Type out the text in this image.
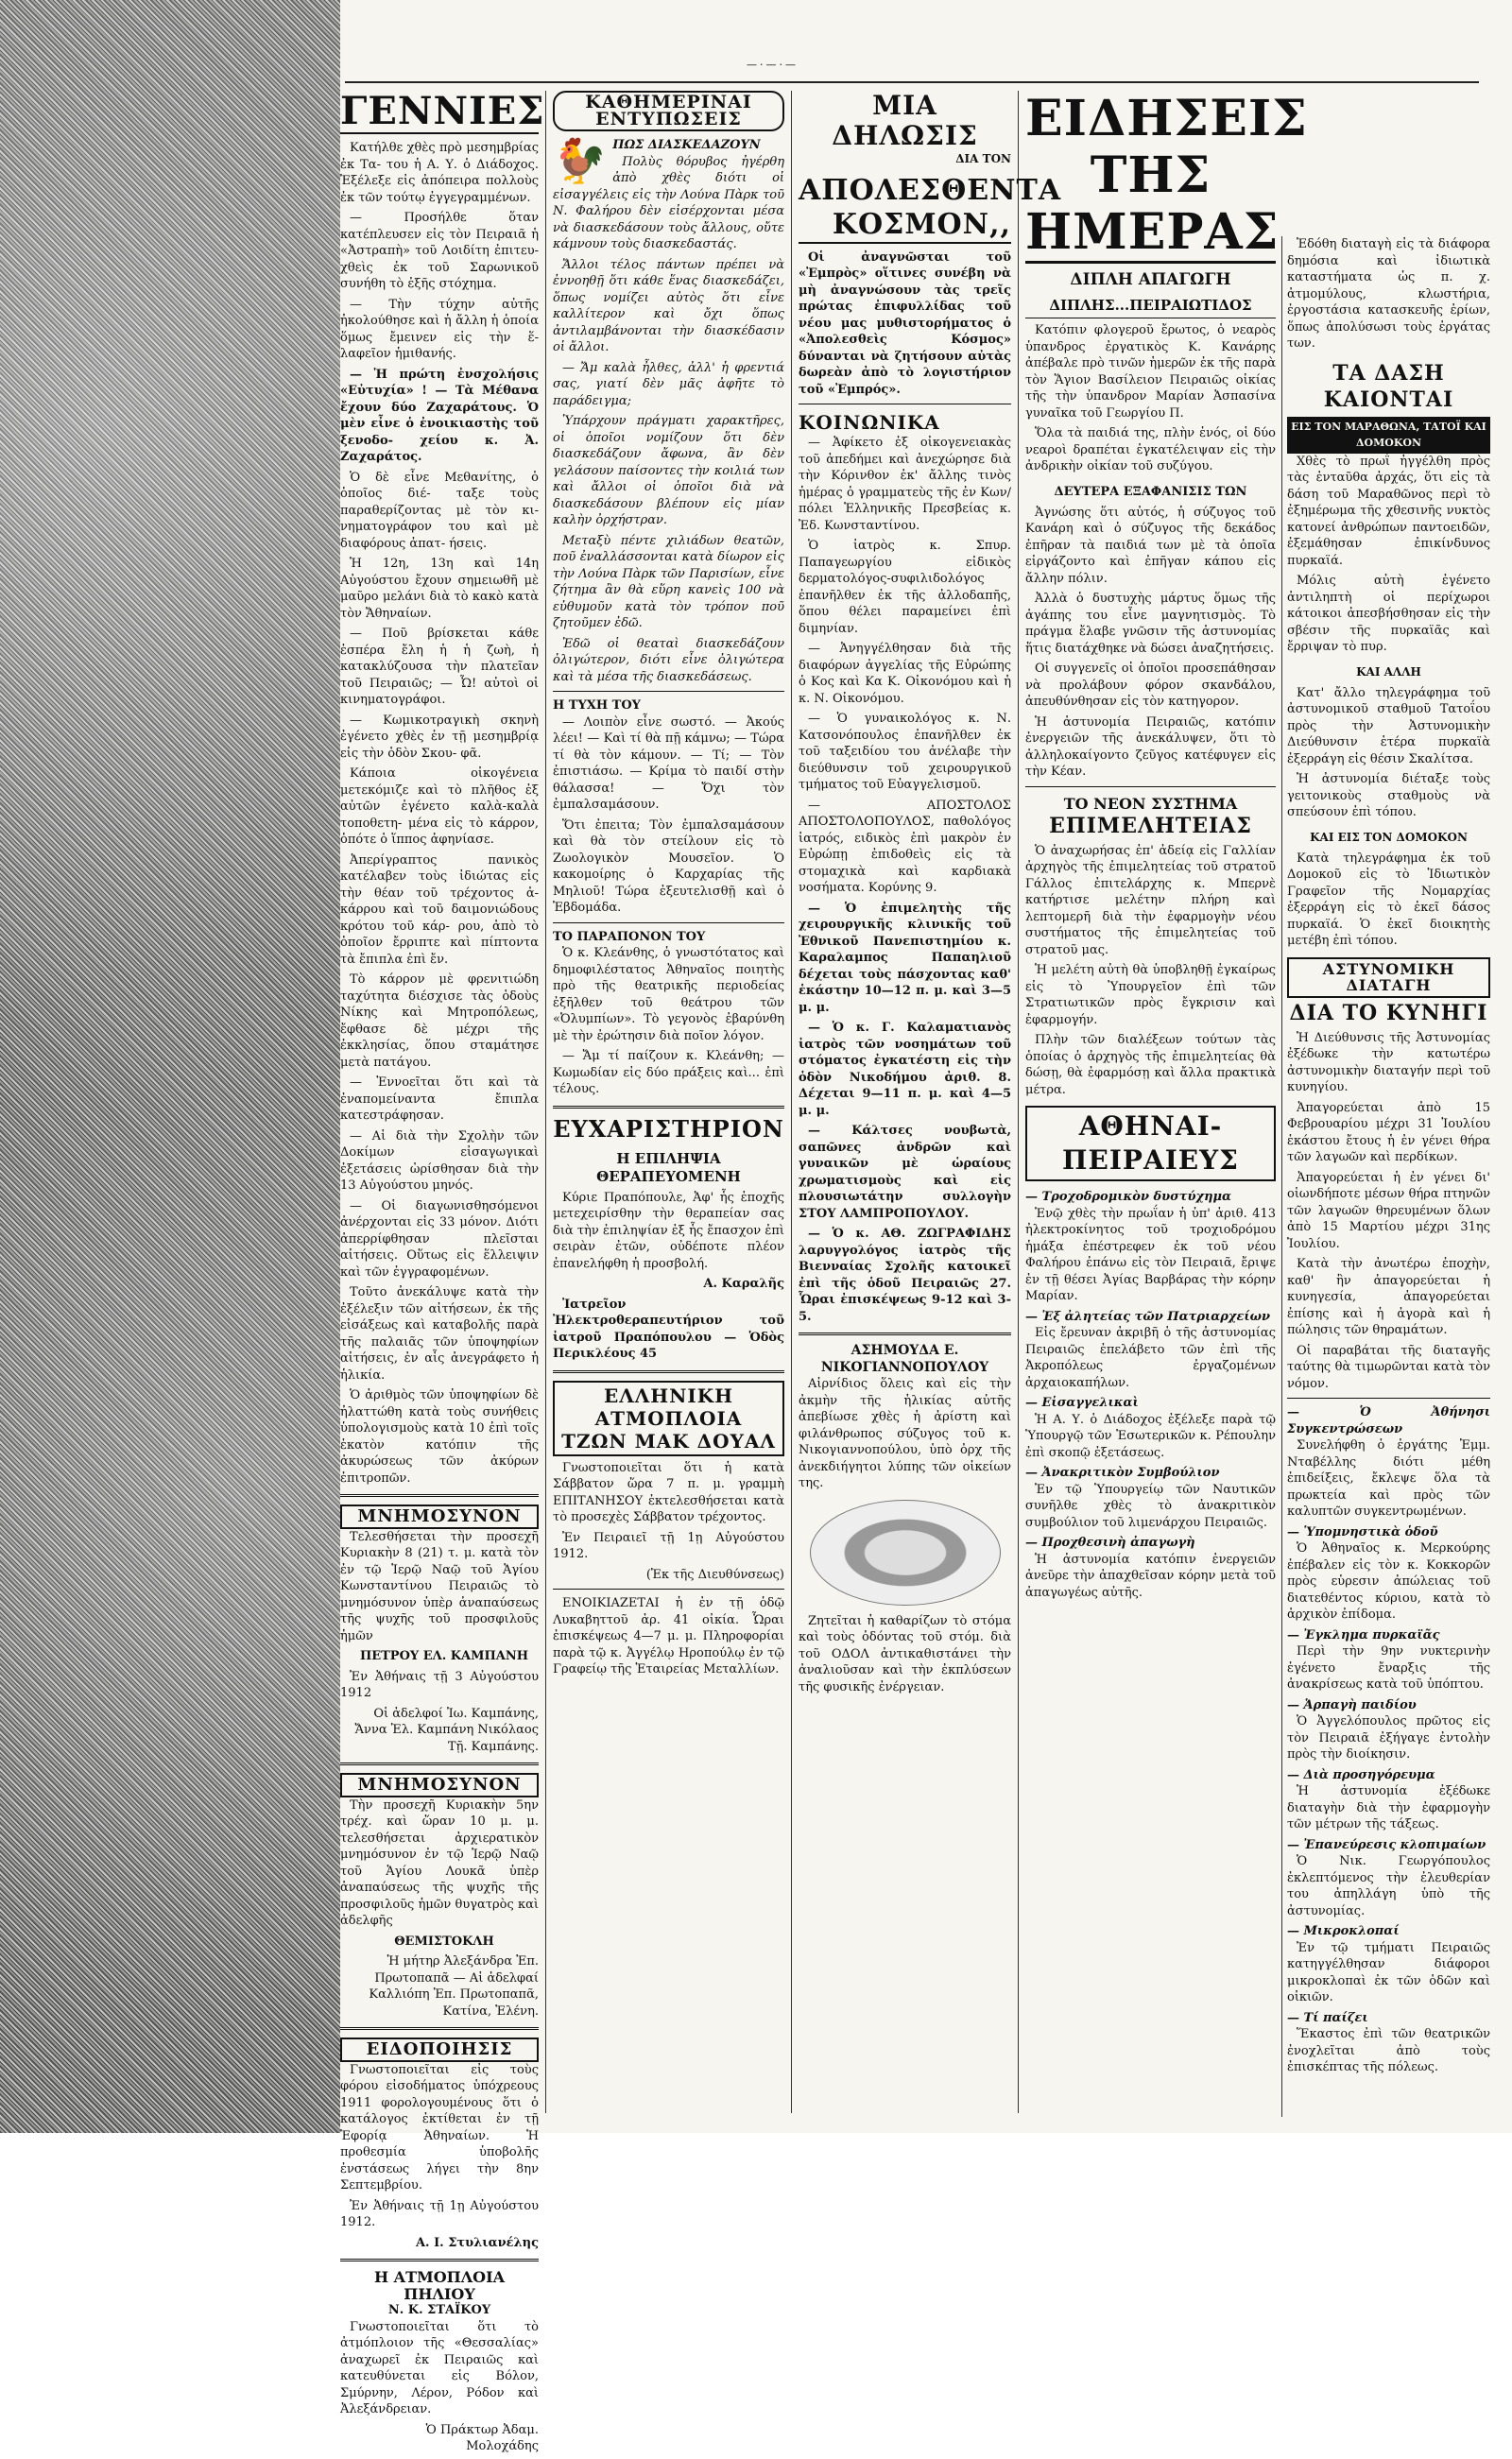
—·—·—
ΓΕΝΝΙΕΣ

Κατήλθε χθὲς πρὸ μεσημβρίας ἐκ Τα- του ἡ Α. Υ. ὁ Διάδοχος. Ἐξέλεξε εἰς ἀπόπειρα πολλοὺς ἐκ τῶν τούτῳ ἐγγεγραμμένων.

— Προσήλθε ὅταν κατέπλευσεν εἰς τὸν Πειραιᾶ ἡ «Ἀστραπὴ» τοῦ Λοιδίτη ἐπιτευ- χθεὶς ἐκ τοῦ Σαρωνικοῦ συνήθη τὸ ἐξῆς στόχημα.

— Τὴν τύχην αὐτῆς ἠκολούθησε καὶ ἡ ἄλλη ἡ ὁποία ὅμως ἔμεινεν εἰς τὴν ἕ- λαφεῖον ἡμιθανής.

— Ἡ πρώτη ἐνσχολήσις «Εὐτυχία» ! — Τὰ Μέθανα ἔχουν δύο Ζαχαράτους. Ὁ μὲν εἶνε ὁ ἐνοικιαστὴς τοῦ ξενοδο- χείου κ. Ἀ. Ζαχαράτος.

Ὁ δὲ εἶνε Μεθανίτης, ὁ ὁποῖος διέ- ταξε τοὺς παραθερίζοντας μὲ τὸν κι- νηματογράφον του καὶ μὲ διαφόρους ἀπατ- ήσεις.

Ἡ 12η, 13η καὶ 14η Αὐγούστου ἔχουν σημειωθῆ μὲ μαῦρο μελάνι διὰ τὸ κακὸ κατὰ τὸν Ἄθηναίων.

— Ποῦ βρίσκεται κάθε ἑσπέρα ἔλη ἡ ἡ ζωὴ, ἡ κατακλύζουσα τὴν πλατεῖαν τοῦ Πειραιῶς; — Ὦ! αὐτοὶ οἱ κινηματογράφοι.

— Κωμικοτραγικὴ σκηνὴ ἐγένετο χθὲς ἐν τῇ μεσημβρίᾳ εἰς τὴν ὁδὸν Σκου- φᾶ.

Κάποια οἰκογένεια μετεκόμιζε καὶ τὸ πλῆθος ἐξ αὐτῶν ἐγένετο καλὰ-καλὰ τοποθετη- μένα εἰς τὸ κάρρον, ὁπότε ὁ ἵππος ἀφηνίασε.

Ἀπερίγραπτος πανικὸς κατέλαβεν τοὺς ἰδιώτας εἰς τὴν θέαν τοῦ τρέχοντος ἀ- κάρρου καὶ τοῦ δαιμονιώδους κρότου τοῦ κάρ- ρου, ἀπὸ τὸ ὁποῖον ἔρριπτε καὶ πίπτοντα τὰ ἔπιπλα ἐπὶ ἔν.

Τὸ κάρρον μὲ φρενιτιώδη ταχύτητα διέσχισε τὰς ὁδοὺς Νίκης καὶ Μητροπόλεως, ἔφθασε δὲ μέχρι τῆς ἐκκλησίας, ὅπου σταμάτησε μετὰ πατάγου.

— Ἐννοεῖται ὅτι καὶ τὰ ἐναπομείναντα ἔπιπλα κατεστράφησαν.

— Αἱ διὰ τὴν Σχολὴν τῶν Δοκίμων εἰσαγωγικαὶ ἐξετάσεις ὡρίσθησαν διὰ τὴν 13 Αὐγούστου μηνός.

— Οἱ διαγωνισθησόμενοι ἀνέρχονται εἰς 33 μόνον. Διότι ἀπερρίφθησαν πλεῖσται αἰτήσεις. Οὕτως εἰς ἕλλειψιν καὶ τῶν ἐγγραφομένων.

Τοῦτο ἀνεκάλυψε κατὰ τὴν ἐξέλεξιν τῶν αἰτήσεων, ἐκ τῆς εἰσάξεως καὶ καταβολῆς παρὰ τῆς παλαιᾶς τῶν ὑποψηφίων αἰτήσεις, ἐν αἷς ἀνεγράφετο ἡ ἡλικία.

Ὁ ἀριθμὸς τῶν ὑποψηφίων δὲ ἠλαττώθη κατὰ τοὺς συνήθεις ὑπολογισμοὺς κατὰ 10 ἐπὶ τοῖς ἑκατὸν κατόπιν τῆς ἀκυρώσεως τῶν ἀκύρων ἐπιτροπῶν.

ΜΝΗΜΟΣΥΝΟΝ

Τελεσθήσεται τὴν προσεχῆ Κυριακὴν 8 (21) τ. μ. κατὰ τὸν ἐν τῷ Ἱερῷ Ναῷ τοῦ Ἁγίου Κωνσταντίνου Πειραιῶς τὸ μνημόσυνον ὑπὲρ ἀναπαύσεως τῆς ψυχῆς τοῦ προσφιλοῦς ἡμῶν

ΠΕΤΡΟΥ ΕΛ. ΚΑΜΠΑΝΗ

Ἐν Ἀθήναις τῇ 3 Αὐγούστου 1912

Οἱ ἀδελφοί Ἰω. Καμπάνης, Ἄννα Ἐλ. Καμπάνη Νικόλαος Τῇ. Καμπάνης.

ΜΝΗΜΟΣΥΝΟΝ

Τὴν προσεχῆ Κυριακὴν 5ην τρέχ. καὶ ὥραν 10 μ. μ. τελεσθήσεται ἀρχιερατικὸν μνημόσυνον ἐν τῷ Ἱερῷ Ναῷ τοῦ Ἁγίου Λουκᾶ ὑπὲρ ἀναπαύσεως τῆς ψυχῆς τῆς προσφιλοῦς ἡμῶν θυγατρὸς καὶ ἀδελφῆς

ΘΕΜΙΣΤΟΚΛΗ

Ἡ μήτηρ Ἀλεξάνδρα Ἐπ. Πρωτοπαπᾶ — Αἱ ἀδελφαί Καλλιόπη Ἐπ. Πρωτοπαπᾶ, Κατίνα, Ἑλένη.

ΕΙΔΟΠΟΙΗΣΙΣ

Γνωστοποιεῖται εἰς τοὺς φόρου εἰσοδήματος ὑπόχρεους 1911 φορολογουμένους ὅτι ὁ κατάλογος ἐκτίθεται ἐν τῇ Ἐφορίᾳ Ἀθηναίων. Ἡ προθεσμία ὑποβολῆς ἐνστάσεως λήγει τὴν 8ην Σεπτεμβρίου.

Ἐν Ἀθήναις τῇ 1ῃ Αὐγούστου 1912.

Α. Ι. Στυλιανέλης

Η ΑΤΜΟΠΛΟΙΑ ΠΗΛΙΟΥ
Ν. Κ. ΣΤΑΪΚΟΥ

Γνωστοποιεῖται ὅτι τὸ ἀτμόπλοιον τῆς «Θεσσαλίας» ἀναχωρεῖ ἐκ Πειραιῶς καὶ κατευθύνεται εἰς Βόλον, Σμύρνην, Λέρον, Ρόδον καὶ Ἀλεξάνδρειαν.

Ὁ Πράκτωρ Ἀδαμ. Μολοχάδης

ΚΑΘΗΜΕΡΙΝΑΙ ΕΝΤΥΠΩΣΕΙΣ
🐓 ΠΩΣ ΔΙΑΣΚΕΔΑΖΟΥΝ

Πολὺς θόρυβος ἠγέρθη ἀπὸ χθὲς διότι οἱ εἰσαγγέλεις εἰς τὴν Λούνα Πὰρκ τοῦ Ν. Φαλήρου δὲν εἰσέρχονται μέσα νὰ διασκεδάσουν τοὺς ἄλλους, οὔτε κάμνουν τοὺς διασκεδαστάς.

Ἄλλοι τέλος πάντων πρέπει νὰ ἐννοηθῇ ὅτι κάθε ἕνας διασκεδάζει, ὅπως νομίζει αὐτὸς ὅτι εἶνε καλλίτερον καὶ ὄχι ὅπως ἀντιλαμβάνονται τὴν διασκέδασιν οἱ ἄλλοι.

— Ἄμ καλὰ ἦλθες, ἀλλ' ἡ φρεντιά σας, γιατί δὲν μᾶς ἀφῆτε τὸ παράδειγμα;

Ὑπάρχουν πράγματι χαρακτῆρες, οἱ ὁποῖοι νομίζουν ὅτι δὲν διασκεδάζουν ἄφωνα, ἂν δὲν γελάσουν παίσοντες τὴν κοιλιά των καὶ ἄλλοι οἱ ὁποῖοι διὰ νὰ διασκεδάσουν βλέπουν εἰς μίαν καλὴν ὀρχήστραν.

Μεταξὺ πέντε χιλιάδων θεατῶν, ποῦ ἐναλλάσσονται κατὰ δίωρον εἰς τὴν Λούνα Πὰρκ τῶν Παρισίων, εἶνε ζήτημα ἂν θὰ εὕρη κανεὶς 100 νὰ εὐθυμοῦν κατὰ τὸν τρόπον ποῦ ζητοῦμεν ἐδῶ.

Ἐδῶ οἱ θεαταὶ διασκεδάζουν ὀλιγώτερον, διότι εἶνε ὀλιγώτερα καὶ τὰ μέσα τῆς διασκεδάσεως.

Η ΤΥΧΗ ΤΟΥ

— Λοιπὸν εἶνε σωστό. — Ἀκούς λέει! — Καὶ τί θὰ πῇ κάμνω; — Τώρα τί θὰ τὸν κάμουν. — Τί; — Τὸν ἐπιστιάσω. — Κρίμα τὸ παιδί στὴν θάλασσα! — Ὄχι τὸν ἐμπαλσαμάσουν.

Ὅτι ἐπειτα; Τὸν ἐμπαλσαμάσουν καὶ θὰ τὸν στείλουν εἰς τὸ Ζωολογικὸν Μουσεῖον. Ὁ κακομοίρης ὁ Καρχαρίας τῆς Μηλιοῦ! Τώρα ἐξευτελισθῇ καὶ ὁ Ἐβδομάδα.

ΤΟ ΠΑΡΑΠΟΝΟΝ ΤΟΥ

Ὁ κ. Κλεάνθης, ὁ γνωστότατος καὶ δημοφιλέστατος Ἀθηναῖος ποιητὴς πρὸ τῆς θεατρικῆς περιοδείας ἐξῆλθεν τοῦ θεάτρου τῶν «Ὀλυμπίων». Τὸ γεγονὸς ἐβαρύνθη μὲ τὴν ἐρώτησιν διὰ ποῖον λόγον.

— Ἄμ τί παίζουν κ. Κλεάνθη; — Κωμωδίαν εἰς δύο πράξεις καὶ... ἐπὶ τέλους.

ΕΥΧΑΡΙΣΤΗΡΙΟΝ
Η ΕΠΙΛΗΨΙΑ ΘΕΡΑΠΕΥΟΜΕΝΗ

Κύριε Πραπόπουλε, Ἀφ' ἧς ἐποχῆς μετεχειρίσθην τὴν θεραπείαν σας διὰ τὴν ἐπιληψίαν ἐξ ἧς ἔπασχον ἐπὶ σειρὰν ἐτῶν, οὐδέποτε πλέον ἐπανελήφθη ἡ προσβολή.

Α. Καραλῆς

Ἰατρεῖον Ἠλεκτροθεραπευτήριον τοῦ ἰατροῦ Πραπόπουλου — Ὁδὸς Περικλέους 45

ΕΛΛΗΝΙΚΗ ΑΤΜΟΠΛΟΙΑ ΤΖΩΝ ΜΑΚ ΔΟΥΑΛ

Γνωστοποιεῖται ὅτι ἡ κατὰ Σάββατον ὥρα 7 π. μ. γραμμὴ ΕΠΙΤΑΝΗΣΟΥ ἐκτελεσθήσεται κατὰ τὸ προσεχὲς Σάββατον τρέχοντος.

Ἐν Πειραιεῖ τῇ 1ῃ Αὐγούστου 1912.

(Ἐκ τῆς Διευθύνσεως)

ΕΝΟΙΚΙΑΖΕΤΑΙ ἡ ἐν τῇ ὁδῷ Λυκαβηττοῦ ἀρ. 41 οἰκία. Ὧραι ἐπισκέψεως 4—7 μ. μ. Πληροφορίαι παρὰ τῷ κ. Ἀγγέλῳ Ηροπούλῳ ἐν τῷ Γραφείῳ τῆς Ἑταιρείας Μεταλλίων.

ΜΙΑ ΔΗΛΩΣΙΣ
ΔΙΑ ΤΟΝ
ΑΠΟΛΕΣΘΕΝΤΑ
ΚΟΣΜΟΝ,,

Οἱ ἀναγνῶσται τοῦ «Ἐμπρὸς» οἵτινες συνέβη νὰ μὴ ἀναγνώσουν τὰς τρεῖς πρώτας ἐπιφυλλίδας τοῦ νέου μας μυθιστορήματος ὁ «Ἀπολεσθεὶς Κόσμος» δύνανται νὰ ζητήσουν αὐτὰς δωρεὰν ἀπὸ τὸ λογιστήριον τοῦ «Ἐμπρός».

ΚΟΙΝΩΝΙΚΑ

— Ἀφίκετο ἐξ οἰκογενειακὰς τοῦ ἀπεδήμει καὶ ἀνεχώρησε διὰ τὴν Κόρινθον ἐκ' ἄλλης τινὸς ἡμέρας ὁ γραμματεὺς τῆς ἐν Κων/πόλει Ἑλληνικῆς Πρεσβείας κ. Ἐδ. Κωνσταντίνου.

Ὁ ἰατρὸς κ. Σπυρ. Παπαγεωργίου εἰδικὸς δερματολόγος-συφιλιδολόγος ἐπανῆλθεν ἐκ τῆς ἀλλοδαπῆς, ὅπου θέλει παραμείνει ἐπὶ διμηνίαν.

— Ἀνηγγέλθησαν διὰ τῆς διαφόρων ἀγγελίας τῆς Εὐρώπης ὁ Κος καὶ Κα Κ. Οἰκονόμου καὶ ἡ κ. Ν. Οἰκονόμου.

— Ὁ γυναικολόγος κ. Ν. Κατσονόπουλος ἐπανῆλθεν ἐκ τοῦ ταξειδίου του ἀνέλαβε τὴν διεύθυνσιν τοῦ χειρουργικοῦ τμήματος τοῦ Εὐαγγελισμοῦ.

— ΑΠΟΣΤΟΛΟΣ ΑΠΟΣΤΟΛΟΠΟΥΛΟΣ, παθολόγος ἰατρός, ειδικὸς ἐπὶ μακρὸν ἐν Εὐρώπῃ ἐπιδοθεὶς εἰς τὰ στομαχικὰ καὶ καρδιακὰ νοσήματα. Κορύνης 9.

— Ὁ ἐπιμελητὴς τῆς χειρουργικῆς κλινικῆς τοῦ Ἐθνικοῦ Πανεπιστημίου κ. Καραλαμπος Παπαηλιοῦ δέχεται τοὺς πάσχοντας καθ' ἑκάστην 10—12 π. μ. καὶ 3—5 μ. μ.

— Ὁ κ. Γ. Καλαματιανὸς ἰατρὸς τῶν νοσημάτων τοῦ στόματος ἐγκατέστη εἰς τὴν ὁδὸν Νικοδήμου ἀριθ. 8. Δέχεται 9—11 π. μ. καὶ 4—5 μ. μ.

— Κάλτσες νουβωτὰ, σαπῶνες ἀνδρῶν καὶ γυναικῶν μὲ ὡραίους χρωματισμοὺς καὶ εἰς πλουσιωτάτην συλλογὴν ΣΤΟΥ ΛΑΜΠΡΟΠΟΥΛΟΥ.

— Ὁ κ. ΑΘ. ΖΩΓΡΑΦΙΔΗΣ λαρυγγολόγος ἰατρὸς τῆς Βιενναίας Σχολῆς κατοικεῖ ἐπὶ τῆς ὁδοῦ Πειραιῶς 27. Ὧραι ἐπισκέψεως 9-12 καὶ 3-5.

ΑΣΗΜΟΥΔΑ Ε. ΝΙΚΟΓΙΑΝΝΟΠΟΥΛΟΥ

Αἰρνίδιος ὅλεις καὶ εἰς τὴν ἀκμὴν τῆς ἡλικίας αὐτῆς ἀπεβίωσε χθὲς ἡ ἀρίστη καὶ φιλάνθρωπος σύζυγος τοῦ κ. Νικογιαννοπούλου, ὑπὸ ὀρχ τῆς ἀνεκδιήγητοι λύπης τῶν οἰκείων της.

Ζητεῖται ἡ καθαρίζων τὸ στόμα καὶ τοὺς ὀδόντας τοῦ στόμ. διὰ τοῦ ΟΔΟΛ ἀντικαθιστάνει τὴν ἀναλιοῦσαν καὶ τὴν ἐκπλύσεων τῆς φυσικῆς ἐνέργειαν.

ΕΙΔΗΣΕΙΣ ΤΗΣ ΗΜΕΡΑΣ
ΔΙΠΛΗ ΑΠΑΓΩΓΗ
ΔΙΠΛΗΣ...ΠΕΙΡΑΙΩΤΙΔΟΣ

Κατόπιν φλογεροῦ ἔρωτος, ὁ νεαρὸς ὑπανδρος ἐργατικὸς Κ. Κανάρης ἀπέβαλε πρὸ τινῶν ἡμερῶν ἐκ τῆς παρὰ τὸν Ἅγιον Βασίλειον Πειραιῶς οἰκίας τῆς τὴν ὑπανδρον Μαρίαν Ἀσπασίνα γυναῖκα τοῦ Γεωργίου Π.

Ὅλα τὰ παιδιά της, πλὴν ἑνός, οἱ δύο νεαροὶ δραπέται ἐγκατέλειψαν εἰς τὴν ἀνδρικὴν οἰκίαν τοῦ συζύγου.

ΔΕΥΤΕΡΑ ΕΞΑΦΑΝΙΣΙΣ ΤΩΝ

Ἀγνώσης ὅτι αὐτός, ἡ σύζυγος τοῦ Κανάρη καὶ ὁ σύζυγος τῆς δεκάδος ἐπῆραν τὰ παιδιά των μὲ τὰ ὁποῖα εἰργάζοντο καὶ ἐπῆγαν κάπου εἰς ἄλλην πόλιν.

Ἀλλὰ ὁ δυστυχὴς μάρτυς ὅμως τῆς ἀγάπης του εἶνε μαγνητισμὸς. Τὸ πράγμα ἔλαβε γνῶσιν τῆς ἀστυνομίας ἥτις διατάχθηκε νὰ δώσει ἀναζητήσεις.

Οἱ συγγενεῖς οἱ ὁποῖοι προσεπάθησαν νὰ προλάβουν φόρον σκανδάλου, ἀπευθύνθησαν εἰς τὸν κατηγορον.

Ἡ ἀστυνομία Πειραιῶς, κατόπιν ἐνεργειῶν τῆς ἀνεκάλυψεν, ὅτι τὸ ἀλληλοκαίγοντο ζεῦγος κατέφυγεν εἰς τὴν Κέαν.

ΤΟ ΝΕΟΝ ΣΥΣΤΗΜΑ
ΕΠΙΜΕΛΗΤΕΙΑΣ

Ὁ ἀναχωρήσας ἐπ' ἀδείᾳ εἰς Γαλλίαν ἀρχηγὸς τῆς ἐπιμελητείας τοῦ στρατοῦ Γάλλος ἐπιτελάρχης κ. Μπερνὲ κατήρτισε μελέτην πλήρη καὶ λεπτομερῆ διὰ τὴν ἐφαρμογὴν νέου συστήματος τῆς ἐπιμελητείας τοῦ στρατοῦ μας.

Ἡ μελέτη αὐτὴ θὰ ὑποβληθῇ ἐγκαίρως εἰς τὸ Ὑπουργεῖον ἐπὶ τῶν Στρατιωτικῶν πρὸς ἔγκρισιν καὶ ἐφαρμογήν.

Πλὴν τῶν διαλέξεων τούτων τὰς ὁποίας ὁ ἀρχηγὸς τῆς ἐπιμελητείας θὰ δώσῃ, θὰ ἐφαρμόσῃ καὶ ἄλλα πρακτικὰ μέτρα.

ΑΘΗΝΑΙ-ΠΕΙΡΑΙΕΥΣ
— Τροχοδρομικὸν δυστύχημα

Ἐνῷ χθὲς τὴν πρωΐαν ἡ ὑπ' ἀριθ. 413 ἠλεκτροκίνητος τοῦ τροχιοδρόμου ἡμάξα ἐπέστρεφεν ἐκ τοῦ νέου Φαλήρου ἐπάνω εἰς τὸν Πειραιᾶ, ἔριψε ἐν τῇ θέσει Ἀγίας Βαρβάρας τὴν κόρην Μαρίαν.

— Ἐξ ἀλητείας τῶν Πατριαρχείων

Εἰς ἔρευναν ἀκριβῆ ὁ τῆς ἀστυνομίας Πειραιῶς ἐπελάβετο τῶν ἐπὶ τῆς Ἀκροπόλεως ἐργαζομένων ἀρχαιοκαπήλων.

— Εἰσαγγελικαὶ

Ἡ Α. Υ. ὁ Διάδοχος ἐξέλεξε παρὰ τῷ Ὑπουργῷ τῶν Ἐσωτερικῶν κ. Ρέπουλην ἐπὶ σκοπῷ ἐξετάσεως.

— Ἀνακριτικὸν Συμβούλιον

Ἐν τῷ Ὑπουργείῳ τῶν Ναυτικῶν συνῆλθε χθὲς τὸ ἀνακριτικὸν συμβούλιον τοῦ λιμενάρχου Πειραιῶς.

— Προχθεσινὴ ἀπαγωγὴ

Ἡ ἀστυνομία κατόπιν ἐνεργειῶν ἀνεῦρε τὴν ἀπαχθεῖσαν κόρην μετὰ τοῦ ἀπαγωγέως αὐτῆς.

Ἐδόθη διαταγὴ εἰς τὰ διάφορα δημόσια καὶ ἰδιωτικὰ καταστήματα ὡς π. χ. ἀτμομύλους, κλωστήρια, ἐργοστάσια κατασκευῆς ἐρίων, ὅπως ἀπολύσωσι τοὺς ἐργάτας των.

ΤΑ ΔΑΣΗ ΚΑΙΟΝΤΑΙ
ΕΙΣ ΤΟΝ ΜΑΡΑΘΩΝΑ, ΤΑΤΟΪ ΚΑΙ ΔΟΜΟΚΟΝ

Χθὲς τὸ πρωῒ ἠγγέλθη πρὸς τὰς ἐνταῦθα ἀρχάς, ὅτι εἰς τὰ δάση τοῦ Μαραθῶνος περὶ τὸ ἐξημέρωμα τῆς χθεσινῆς νυκτὸς κατονεί ἀνθρώπων παντοειδῶν, ἐξεμάθησαν ἐπικίνδυνος πυρκαϊά.

Μόλις αὐτὴ ἐγένετο ἀντιληπτὴ οἱ περίχωροι κάτοικοι ἀπεσβήσθησαν εἰς τὴν σβέσιν τῆς πυρκαϊᾶς καὶ ἔρριψαν τὸ πυρ.

ΚΑΙ ΑΛΛΗ

Κατ' ἄλλο τηλεγράφημα τοῦ ἀστυνομικοῦ σταθμοῦ Τατοΐου πρὸς τὴν Ἀστυνομικὴν Διεύθυνσιν ἑτέρα πυρκαϊὰ ἐξερράγη εἰς θέσιν Σκαλίτσα.

Ἡ ἀστυνομία διέταξε τοὺς γειτονικοὺς σταθμοὺς νὰ σπεύσουν ἐπὶ τόπου.

ΚΑΙ ΕΙΣ ΤΟΝ ΔΟΜΟΚΟΝ

Κατὰ τηλεγράφημα ἐκ τοῦ Δομοκοῦ εἰς τὸ Ἰδιωτικὸν Γραφεῖον τῆς Νομαρχίας ἐξερράγη εἰς τὸ ἐκεῖ δάσος πυρκαϊά. Ὁ ἐκεῖ διοικητὴς μετέβη ἐπὶ τόπου.

ΑΣΤΥΝΟΜΙΚΗ ΔΙΑΤΑΓΗ
ΔΙΑ ΤΟ ΚΥΝΗΓΙ

Ἡ Διεύθυνσις τῆς Ἀστυνομίας ἐξέδωκε τὴν κατωτέρω ἀστυνομικὴν διαταγήν περὶ τοῦ κυνηγίου.

Ἀπαγορεύεται ἀπὸ 15 Φεβρουαρίου μέχρι 31 Ἰουλίου ἑκάστου ἔτους ἡ ἐν γένει θήρα τῶν λαγωῶν καὶ περδίκων.

Ἀπαγορεύεται ἡ ἐν γένει δι' οἱωνδήποτε μέσων θήρα πτηνῶν τῶν λαγωῶν θηρευμένων ὅλων ἀπὸ 15 Μαρτίου μέχρι 31ης Ἰουλίου.

Κατὰ τὴν ἀνωτέρω ἐποχὴν, καθ' ἣν ἀπαγορεύεται ἡ κυνηγεσία, ἀπαγορεύεται ἐπίσης καὶ ἡ ἀγορὰ καὶ ἡ πώλησις τῶν θηραμάτων.

Οἱ παραβάται τῆς διαταγῆς ταύτης θὰ τιμωρῶνται κατὰ τὸν νόμον.

— Ὁ Ἀθήνησι Συγκεντρώσεων

Συνελήφθη ὁ ἐργάτης Ἐμμ. Νταβέλλης διότι μέθη ἐπιδείξεις, ἔκλεψε ὅλα τὰ πρωκτεία καὶ πρὸς τῶν καλυπτῶν συγκεντρωμένων.

— Ὑπομνηστικὰ ὁδοῦ

Ὁ Ἀθηναῖος κ. Μερκούρης ἐπέβαλεν εἰς τὸν κ. Κοκκορῶν πρὸς εὑρεσιν ἀπώλειας τοῦ διατεθέντος κύριου, κατὰ τὸ ἀρχικὸν ἐπίδομα.

— Ἐγκλημα πυρκαϊᾶς

Περὶ τὴν 9ην νυκτερινὴν ἐγένετο ἔναρξις τῆς ἀνακρίσεως κατὰ τοῦ ὑπόπτου.

— Ἁρπαγὴ παιδίου

Ὁ Ἀγγελόπουλος πρῶτος εἰς τὸν Πειραιᾶ ἐξήγαγε ἐντολὴν πρὸς τὴν διοίκησιν.

— Διὰ προσηγόρευμα

Ἡ ἀστυνομία ἐξέδωκε διαταγὴν διὰ τὴν ἐφαρμογὴν τῶν μέτρων τῆς τάξεως.

— Ἐπανεύρεσις κλοπιμαίων

Ὁ Νικ. Γεωργόπουλος ἐκλεπτόμενος τὴν ἐλευθερίαν του ἀπηλλάγη ὑπὸ τῆς ἀστυνομίας.

— Μικροκλοπαί

Ἐν τῷ τμήματι Πειραιῶς κατηγγέλθησαν διάφοροι μικροκλοπαὶ ἐκ τῶν ὁδῶν καὶ οἰκιῶν.

— Τί παίζει

Ἕκαστος ἐπὶ τῶν θεατρικῶν ἐνοχλεῖται ἀπὸ τοὺς ἐπισκέπτας τῆς πόλεως.
